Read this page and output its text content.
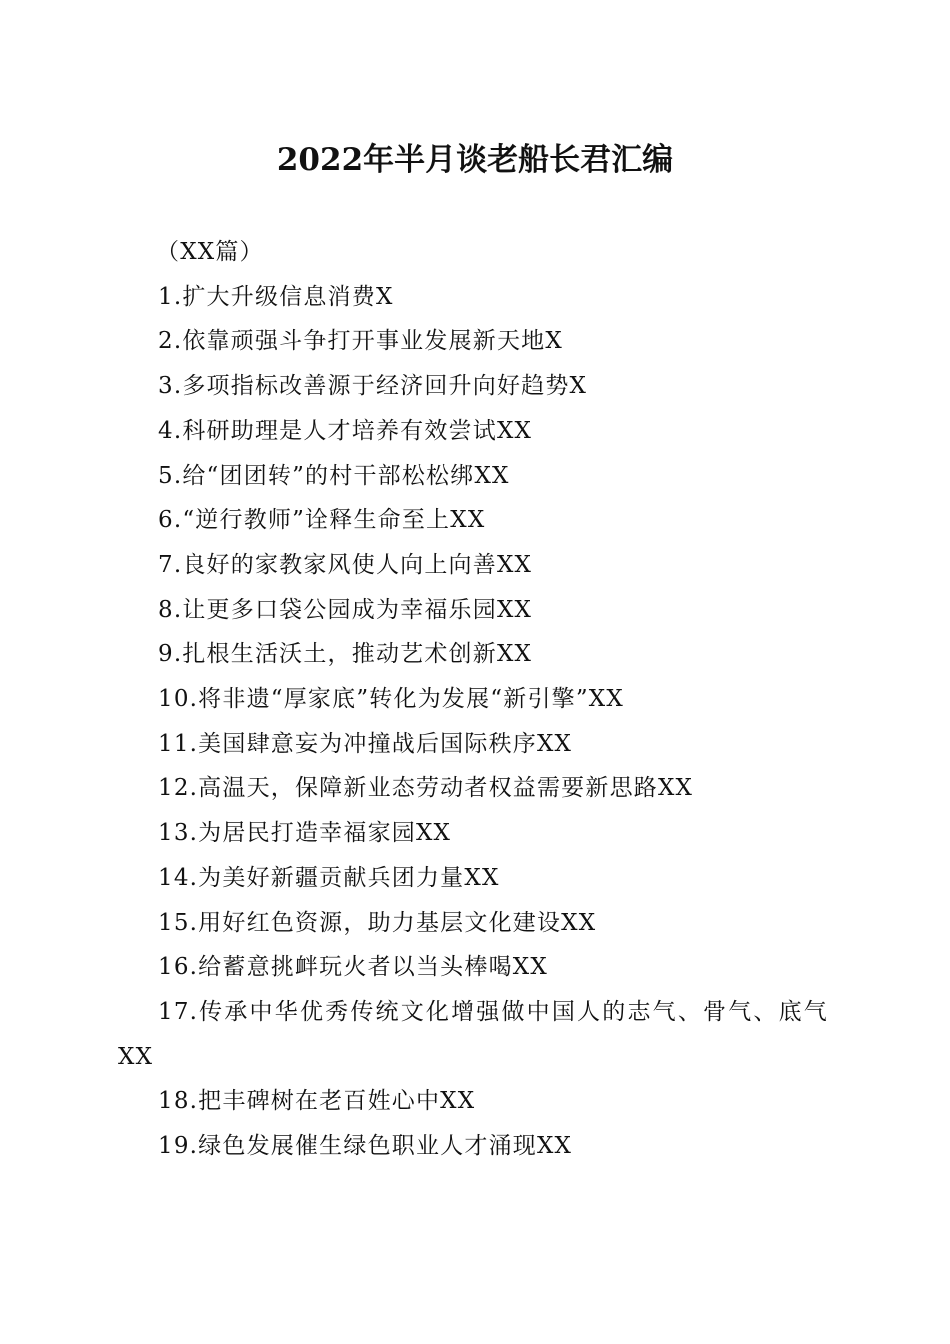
2022年半月谈老船长君汇编
（XX篇）
1.扩大升级信息消费X
2.依靠顽强斗争打开事业发展新天地X
3.多项指标改善源于经济回升向好趋势X
4.科研助理是人才培养有效尝试XX
5.给“团团转”的村干部松松绑XX
6.“逆行教师”诠释生命至上XX
7.良好的家教家风使人向上向善XX
8.让更多口袋公园成为幸福乐园XX
9.扎根生活沃土，推动艺术创新XX
10.将非遗“厚家底”转化为发展“新引擎”XX
11.美国肆意妄为冲撞战后国际秩序XX
12.高温天，保障新业态劳动者权益需要新思路XX
13.为居民打造幸福家园XX
14.为美好新疆贡献兵团力量XX
15.用好红色资源，助力基层文化建设XX
16.给蓄意挑衅玩火者以当头棒喝XX
17.传承中华优秀传统文化增强做中国人的志气、骨气、底气XX
18.把丰碑树在老百姓心中XX
19.绿色发展催生绿色职业人才涌现XX
